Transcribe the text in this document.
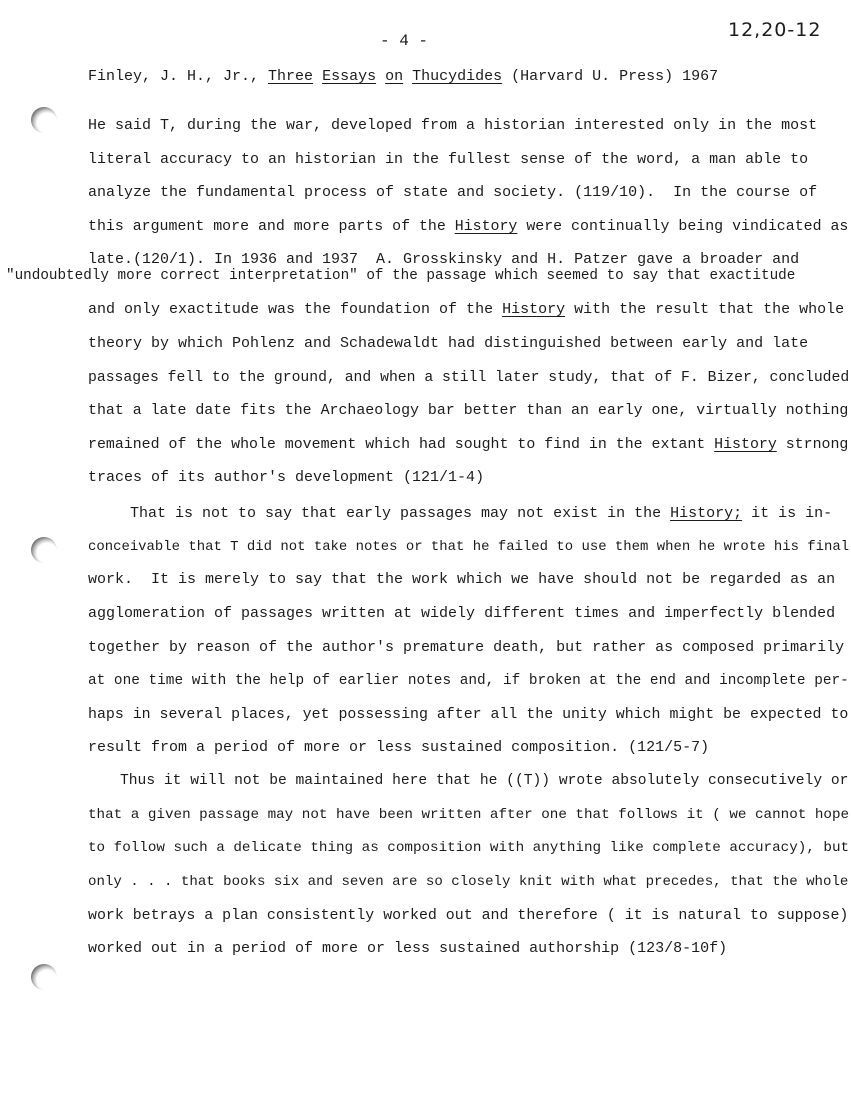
- 4 -	12,20-12
Finley, J. H., Jr., Three Essays on Thucydides (Harvard U. Press) 1967
He said T, during the war, developed from a historian interested only in the most
literal accuracy to an historian in the fullest sense of the word, a man able to
analyze the fundamental process of state and society. (119/10).  In the course of
this argument more and more parts of the History were continually being vindicated as
late.(120/1). In 1936 and 1937  A. Grosskinsky and H. Patzer gave a broader and
"undoubtedly more correct interpretation" of the passage which seemed to say that exactitude
and only exactitude was the foundation of the History with the result that the whole
theory by which Pohlenz and Schadewaldt had distinguished between early and late
passages fell to the ground, and when a still later study, that of F. Bizer, concluded
that a late date fits the Archaeology bar better than an early one, virtually nothing
remained of the whole movement which had sought to find in the extant History strnong
traces of its author's development (121/1-4)
That is not to say that early passages may not exist in the History; it is in-
conceivable that T did not take notes or that he failed to use them when he wrote his final
work.  It is merely to say that the work which we have should not be regarded as an
agglomeration of passages written at widely different times and imperfectly blended
together by reason of the author's premature death, but rather as composed primarily
at one time with the help of earlier notes and, if broken at the end and incomplete per-
haps in several places, yet possessing after all the unity which might be expected to
result from a period of more or less sustained composition. (121/5-7)
Thus it will not be maintained here that he ((T)) wrote absolutely consecutively or
that a given passage may not have been written after one that follows it ( we cannot hope
to follow such a delicate thing as composition with anything like complete accuracy), but
only . . . that books six and seven are so closely knit with what precedes, that the whole
work betrays a plan consistently worked out and therefore ( it is natural to suppose)
worked out in a period of more or less sustained authorship (123/8-10f)
